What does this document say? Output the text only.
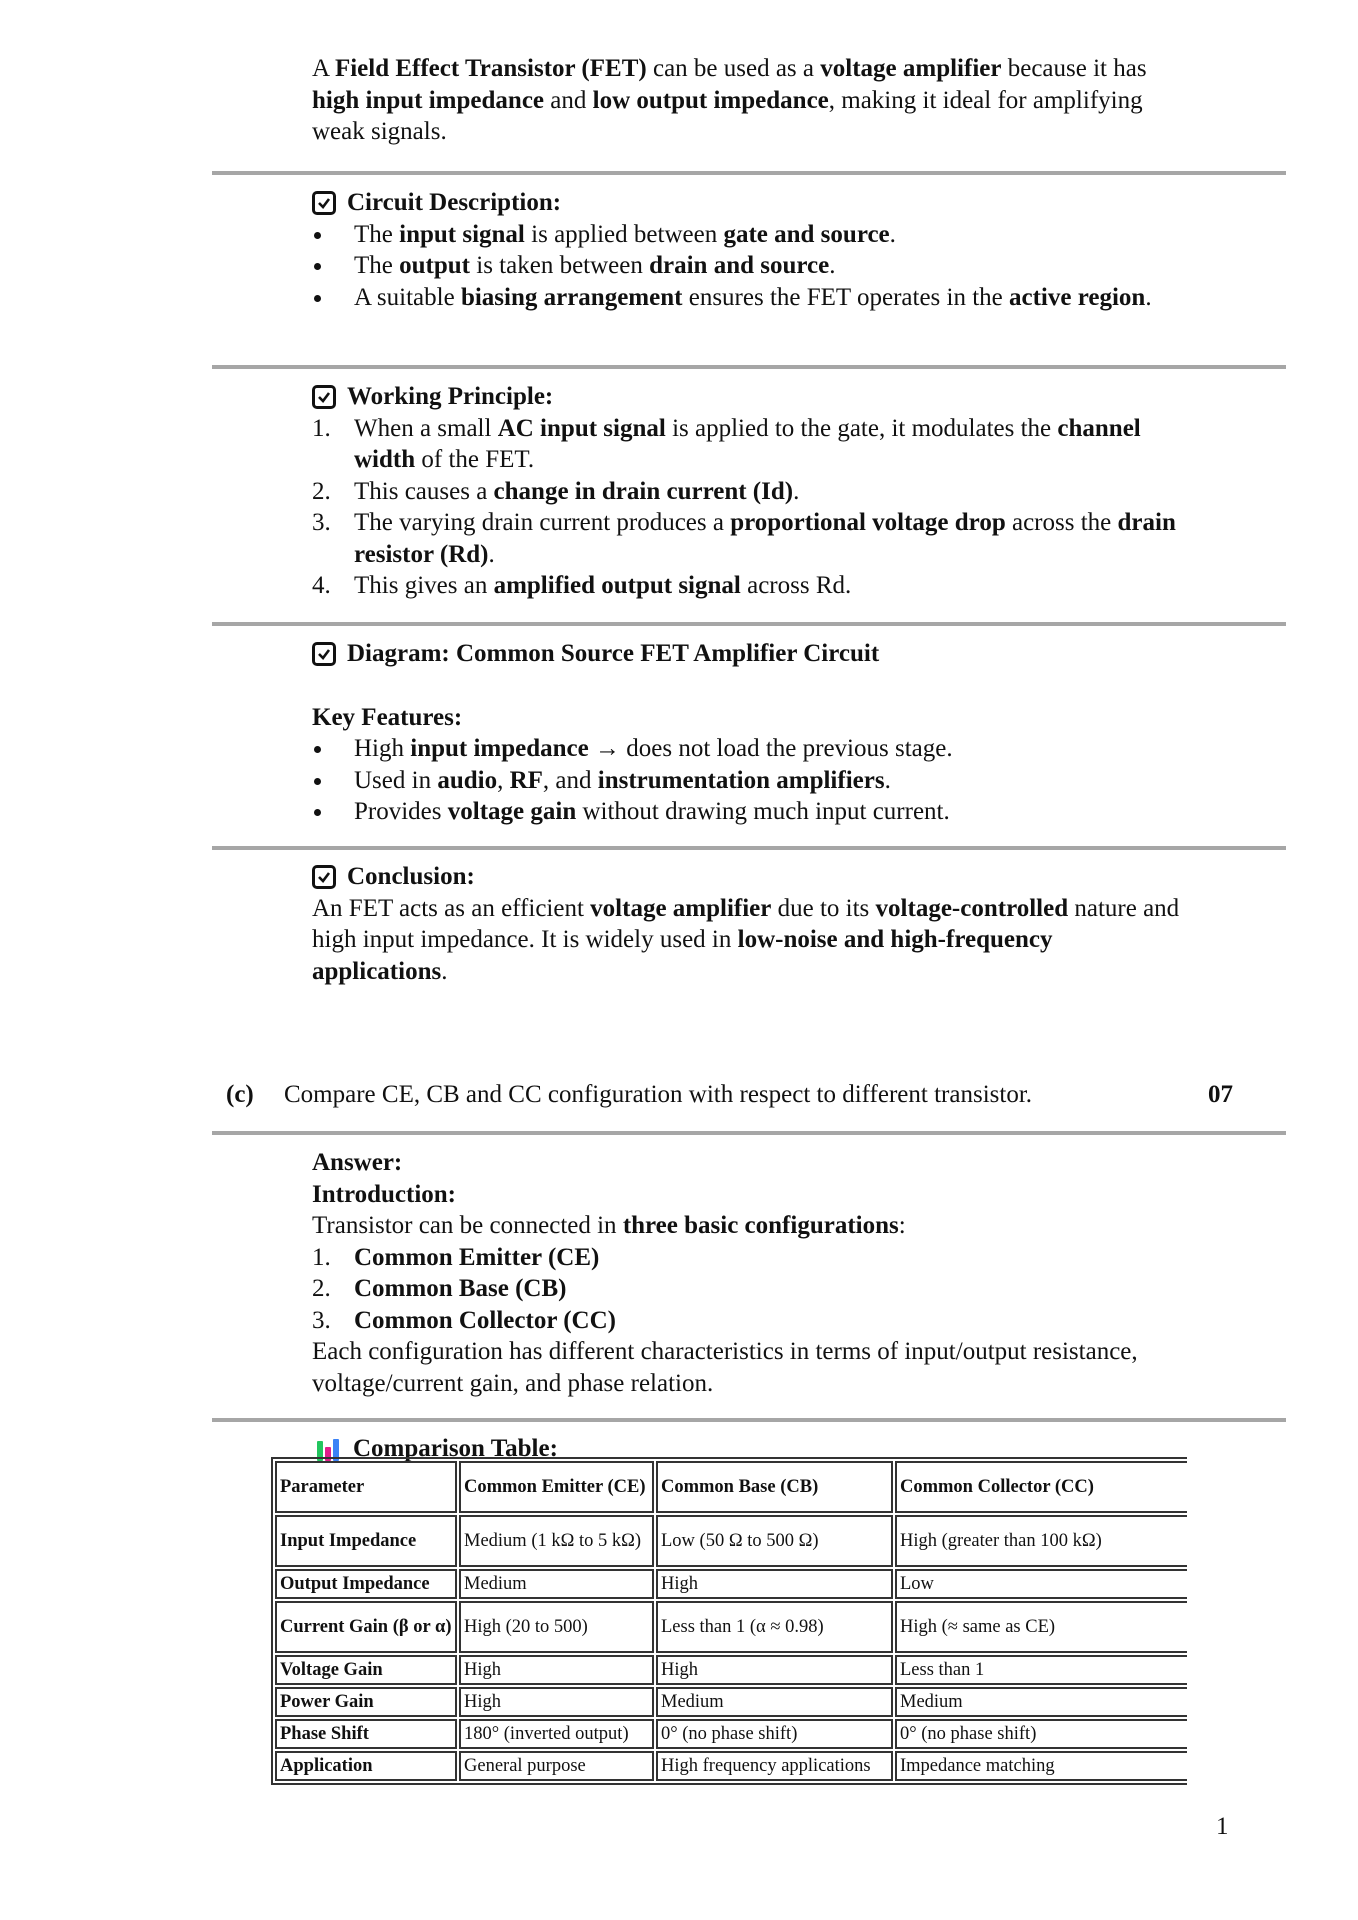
A Field Effect Transistor (FET) can be used as a voltage amplifier because it has high input impedance and low output impedance, making it ideal for amplifying weak signals.
Circuit Description:
The input signal is applied between gate and source.
The output is taken between drain and source.
A suitable biasing arrangement ensures the FET operates in the active region.
Working Principle:
1. When a small AC input signal is applied to the gate, it modulates the channel width of the FET.
2. This causes a change in drain current (Id).
3. The varying drain current produces a proportional voltage drop across the drain resistor (Rd).
4. This gives an amplified output signal across Rd.
Diagram: Common Source FET Amplifier Circuit
Key Features:
High input impedance → does not load the previous stage.
Used in audio, RF, and instrumentation amplifiers.
Provides voltage gain without drawing much input current.
Conclusion:
An FET acts as an efficient voltage amplifier due to its voltage-controlled nature and high input impedance. It is widely used in low-noise and high-frequency applications.
(c) Compare CE, CB and CC configuration with respect to different transistor.	07
Answer:
Introduction:
Transistor can be connected in three basic configurations:
1. Common Emitter (CE)
2. Common Base (CB)
3. Common Collector (CC)
Each configuration has different characteristics in terms of input/output resistance, voltage/current gain, and phase relation.
Comparison Table:
Parameter	Common Emitter (CE)	Common Base (CB)	Common Collector (CC)
Input Impedance	Medium (1 kΩ to 5 kΩ)	Low (50 Ω to 500 Ω)	High (greater than 100 kΩ)
Output Impedance	Medium	High	Low
Current Gain (β or α)	High (20 to 500)	Less than 1 (α ≈ 0.98)	High (≈ same as CE)
Voltage Gain	High	High	Less than 1
Power Gain	High	Medium	Medium
Phase Shift	180° (inverted output)	0° (no phase shift)	0° (no phase shift)
Application	General purpose	High frequency applications	Impedance matching
1
